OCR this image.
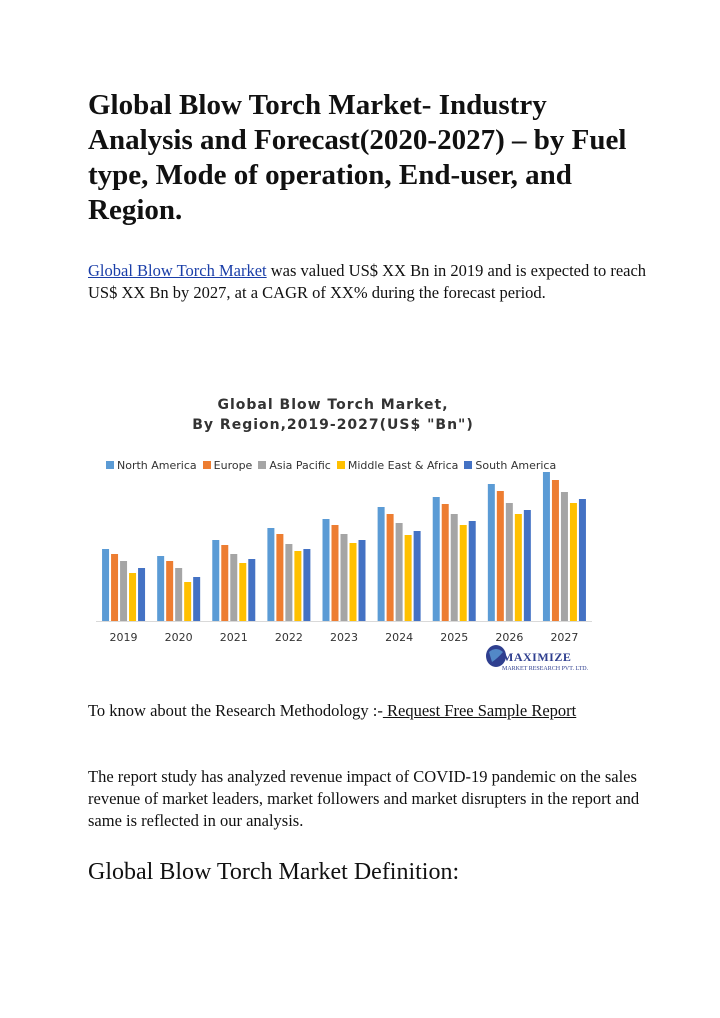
Global Blow Torch Market- Industry Analysis and Forecast(2020-2027) – by Fuel type, Mode of operation, End-user, and Region.

Global Blow Torch Market was valued US$ XX Bn in 2019 and is expected to reach US$ XX Bn by 2027, at a CAGR of XX% during the forecast period.

Global Blow Torch Market,
By Region,2019-2027(US$ "Bn")
North America Europe Asia Pacific Middle East & Africa South America
2019 2020 2021 2022 2023 2024 2025 2026 2027
MAXIMIZE
MARKET RESEARCH PVT. LTD.

To know about the Research Methodology :- Request Free Sample Report

The report study has analyzed revenue impact of COVID-19 pandemic on the sales revenue of market leaders, market followers and market disrupters in the report and same is reflected in our analysis.

Global Blow Torch Market Definition:
